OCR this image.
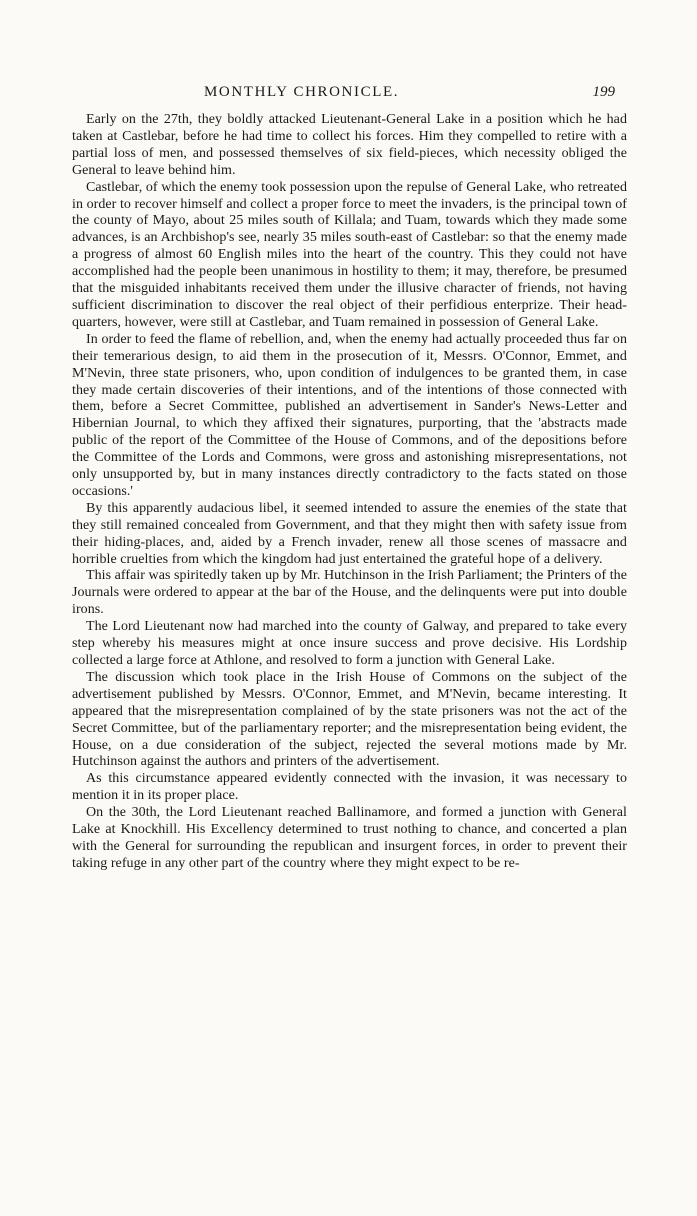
MONTHLY CHRONICLE.	199

Early on the 27th, they boldly attacked Lieutenant-General Lake in a position which he had taken at Castlebar, before he had time to collect his forces. Him they compelled to retire with a partial loss of men, and possessed themselves of six field-pieces, which necessity obliged the General to leave behind him.

Castlebar, of which the enemy took possession upon the repulse of General Lake, who retreated in order to recover himself and collect a proper force to meet the invaders, is the principal town of the county of Mayo, about 25 miles south of Killala; and Tuam, towards which they made some advances, is an Archbishop's see, nearly 35 miles south-east of Castlebar: so that the enemy made a progress of almost 60 English miles into the heart of the country. This they could not have accomplished had the people been unanimous in hostility to them; it may, therefore, be presumed that the misguided inhabitants received them under the illusive character of friends, not having sufficient discrimination to discover the real object of their perfidious enterprize. Their head-quarters, however, were still at Castlebar, and Tuam remained in possession of General Lake.

In order to feed the flame of rebellion, and, when the enemy had actually proceeded thus far on their temerarious design, to aid them in the prosecution of it, Messrs. O'Connor, Emmet, and M'Nevin, three state prisoners, who, upon condition of indulgences to be granted them, in case they made certain discoveries of their intentions, and of the intentions of those connected with them, before a Secret Committee, published an advertisement in Sander's News-Letter and Hibernian Journal, to which they affixed their signatures, purporting, that the 'abstracts made public of the report of the Committee of the House of Commons, and of the depositions before the Committee of the Lords and Commons, were gross and astonishing misrepresentations, not only unsupported by, but in many instances directly contradictory to the facts stated on those occasions.'

By this apparently audacious libel, it seemed intended to assure the enemies of the state that they still remained concealed from Government, and that they might then with safety issue from their hiding-places, and, aided by a French invader, renew all those scenes of massacre and horrible cruelties from which the kingdom had just entertained the grateful hope of a delivery.

This affair was spiritedly taken up by Mr. Hutchinson in the Irish Parliament; the Printers of the Journals were ordered to appear at the bar of the House, and the delinquents were put into double irons.

The Lord Lieutenant now had marched into the county of Galway, and prepared to take every step whereby his measures might at once insure success and prove decisive. His Lordship collected a large force at Athlone, and resolved to form a junction with General Lake.

The discussion which took place in the Irish House of Commons on the subject of the advertisement published by Messrs. O'Connor, Emmet, and M'Nevin, became interesting. It appeared that the misrepresentation complained of by the state prisoners was not the act of the Secret Committee, but of the parliamentary reporter; and the misrepresentation being evident, the House, on a due consideration of the subject, rejected the several motions made by Mr. Hutchinson against the authors and printers of the advertisement.

As this circumstance appeared evidently connected with the invasion, it was necessary to mention it in its proper place.

On the 30th, the Lord Lieutenant reached Ballinamore, and formed a junction with General Lake at Knockhill. His Excellency determined to trust nothing to chance, and concerted a plan with the General for surrounding the republican and insurgent forces, in order to prevent their taking refuge in any other part of the country where they might expect to be re-
